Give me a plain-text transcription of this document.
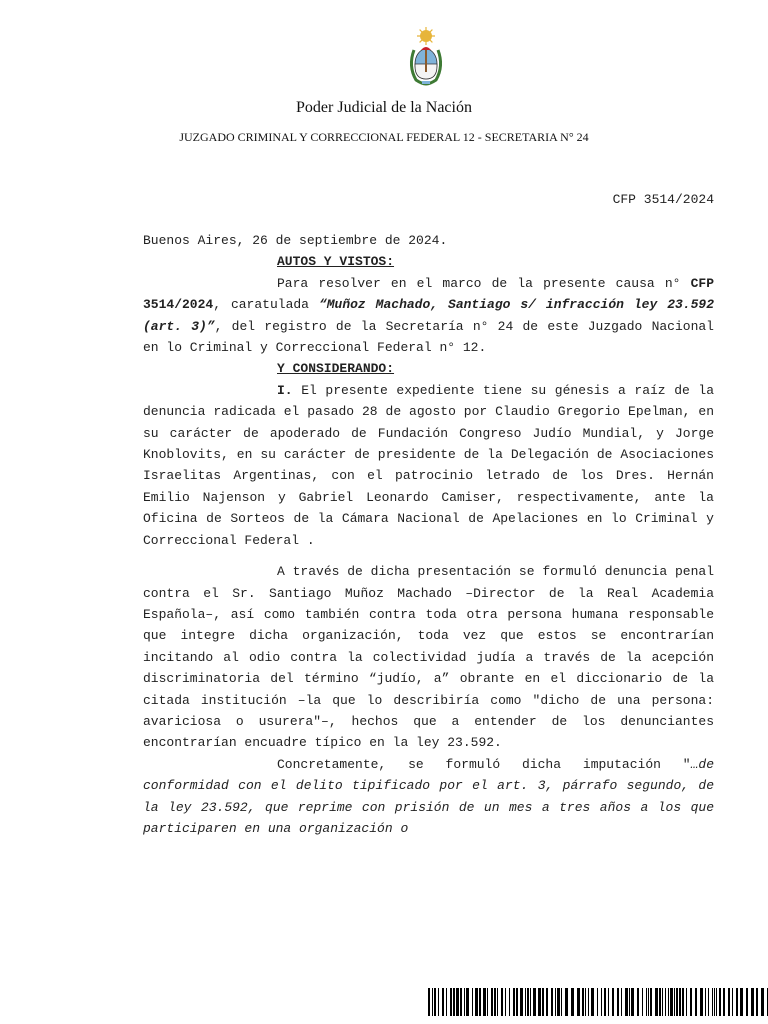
Poder Judicial de la Nación
JUZGADO CRIMINAL Y CORRECCIONAL FEDERAL 12 - SECRETARIA N° 24
CFP 3514/2024

Buenos Aires, 26 de septiembre de 2024.

AUTOS Y VISTOS:

Para resolver en el marco de la presente causa n° CFP 3514/2024, caratulada “Muñoz Machado, Santiago s/ infracción ley 23.592 (art. 3)”, del registro de la Secretaría n° 24 de este Juzgado Nacional en lo Criminal y Correccional Federal n° 12.

Y CONSIDERANDO:

I. El presente expediente tiene su génesis a raíz de la denuncia radicada el pasado 28 de agosto por Claudio Gregorio Epelman, en su carácter de apoderado de Fundación Congreso Judío Mundial, y Jorge Knoblovits, en su carácter de presidente de la Delegación de Asociaciones Israelitas Argentinas, con el patrocinio letrado de los Dres. Hernán Emilio Najenson y Gabriel Leonardo Camiser, respectivamente, ante la Oficina de Sorteos de la Cámara Nacional de Apelaciones en lo Criminal y Correccional Federal .

A través de dicha presentación se formuló denuncia penal contra el Sr. Santiago Muñoz Machado –Director de la Real Academia Española–, así como también contra toda otra persona humana responsable que integre dicha organización, toda vez que estos se encontrarían incitando al odio contra la colectividad judía a través de la acepción discriminatoria del término “judío, a” obrante en el diccionario de la citada institución –la que lo describiría como "dicho de una persona: avariciosa o usurera"–, hechos que a entender de los denunciantes encontrarían encuadre típico en la ley 23.592.

Concretamente, se formuló dicha imputación "…de conformidad con el delito tipificado por el art. 3, párrafo segundo, de la ley 23.592, que reprime con prisión de un mes a tres años a los que participaren en una organización o
